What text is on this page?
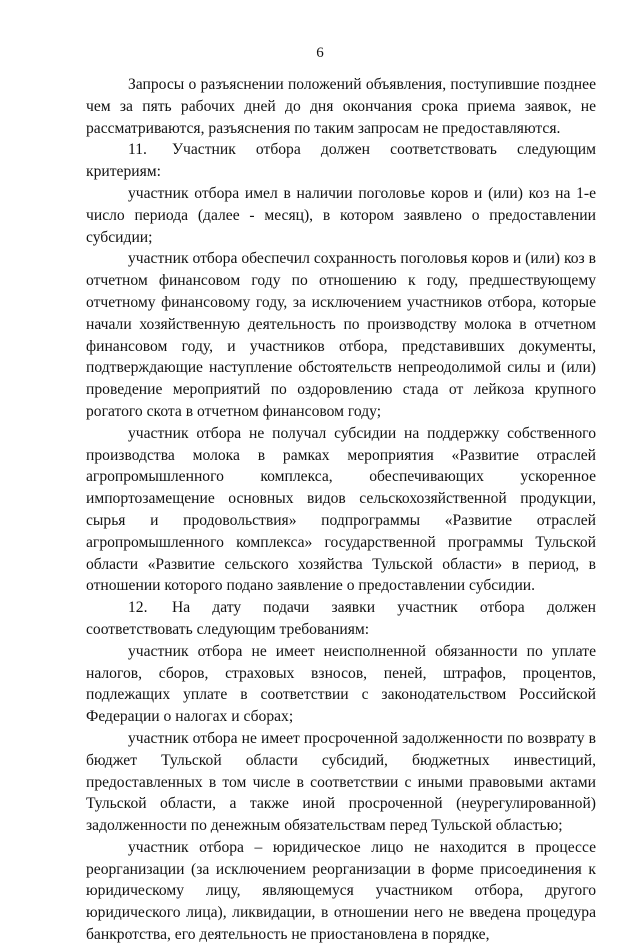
6

Запросы о разъяснении положений объявления, поступившие позднее чем за пять рабочих дней до дня окончания срока приема заявок, не рассматриваются, разъяснения по таким запросам не предоставляются.

11. Участник отбора должен соответствовать следующим критериям:

участник отбора имел в наличии поголовье коров и (или) коз на 1-е число периода (далее - месяц), в котором заявлено о предоставлении субсидии;

участник отбора обеспечил сохранность поголовья коров и (или) коз в отчетном финансовом году по отношению к году, предшествующему отчетному финансовому году, за исключением участников отбора, которые начали хозяйственную деятельность по производству молока в отчетном финансовом году, и участников отбора, представивших документы, подтверждающие наступление обстоятельств непреодолимой силы и (или) проведение мероприятий по оздоровлению стада от лейкоза крупного рогатого скота в отчетном финансовом году;

участник отбора не получал субсидии на поддержку собственного производства молока в рамках мероприятия «Развитие отраслей агропромышленного комплекса, обеспечивающих ускоренное импортозамещение основных видов сельскохозяйственной продукции, сырья и продовольствия» подпрограммы «Развитие отраслей агропромышленного комплекса» государственной программы Тульской области «Развитие сельского хозяйства Тульской области» в период, в отношении которого подано заявление о предоставлении субсидии.

12. На дату подачи заявки участник отбора должен соответствовать следующим требованиям:

участник отбора не имеет неисполненной обязанности по уплате налогов, сборов, страховых взносов, пеней, штрафов, процентов, подлежащих уплате в соответствии с законодательством Российской Федерации о налогах и сборах;

участник отбора не имеет просроченной задолженности по возврату в бюджет Тульской области субсидий, бюджетных инвестиций, предоставленных в том числе в соответствии с иными правовыми актами Тульской области, а также иной просроченной (неурегулированной) задолженности по денежным обязательствам перед Тульской областью;

участник отбора – юридическое лицо не находится в процессе реорганизации (за исключением реорганизации в форме присоединения к юридическому лицу, являющемуся участником отбора, другого юридического лица), ликвидации, в отношении него не введена процедура банкротства, его деятельность не приостановлена в порядке,
